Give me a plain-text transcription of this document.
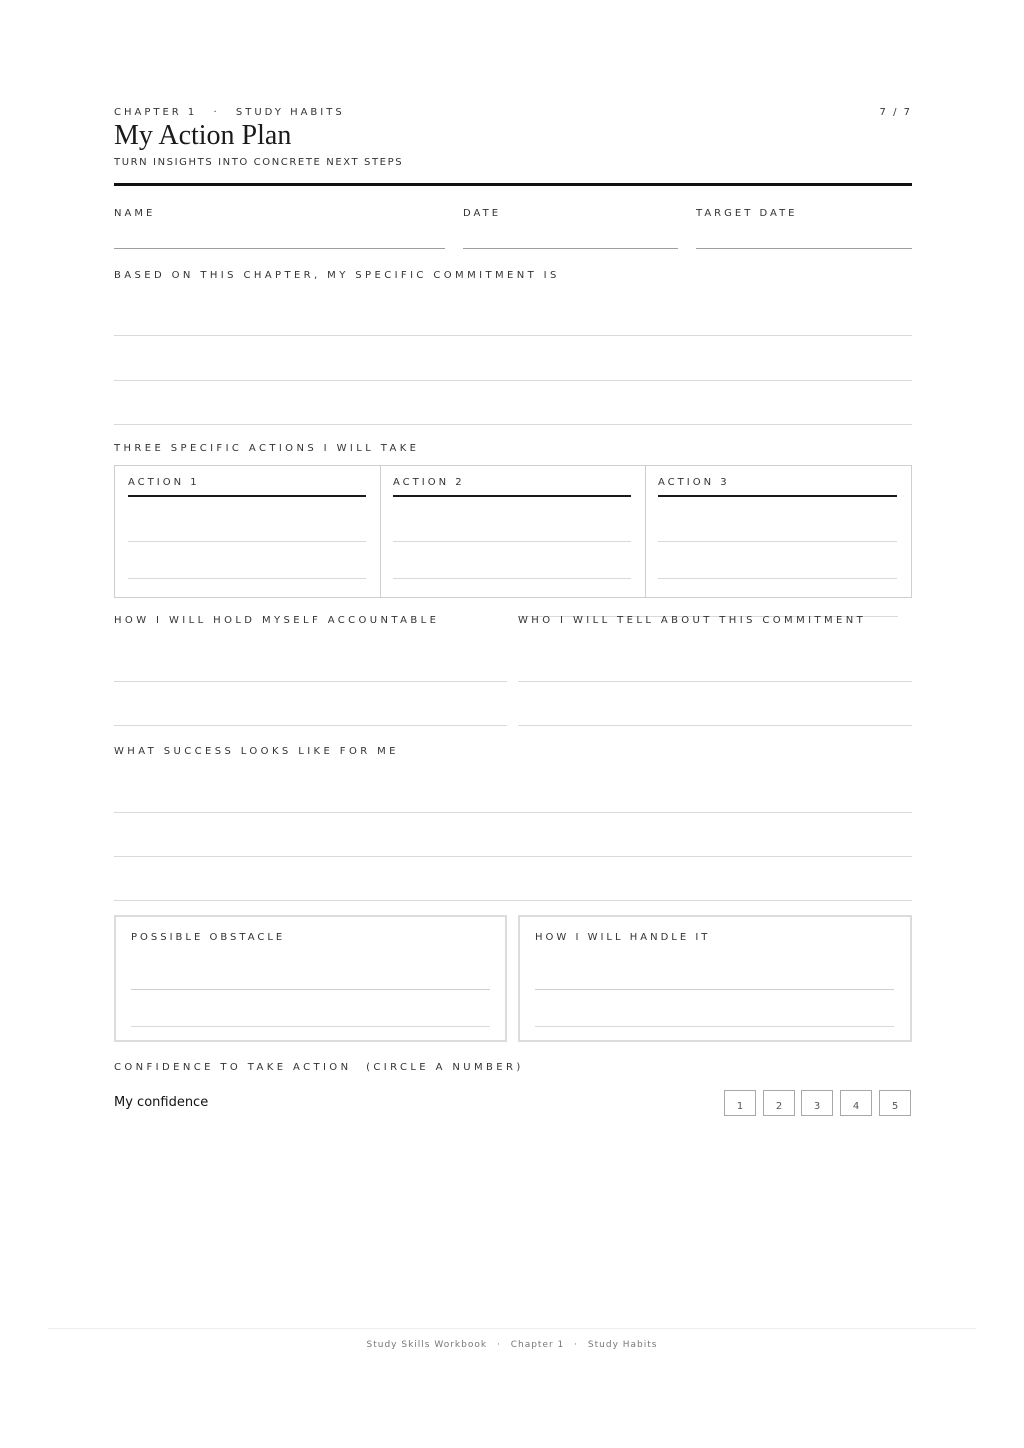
CHAPTER 1 · STUDY HABITS	7 / 7
My Action Plan
TURN INSIGHTS INTO CONCRETE NEXT STEPS
NAME	DATE	TARGET DATE
BASED ON THIS CHAPTER, MY SPECIFIC COMMITMENT IS
THREE SPECIFIC ACTIONS I WILL TAKE
ACTION 1	ACTION 2	ACTION 3
HOW I WILL HOLD MYSELF ACCOUNTABLE	WHO I WILL TELL ABOUT THIS COMMITMENT
WHAT SUCCESS LOOKS LIKE FOR ME
POSSIBLE OBSTACLE	HOW I WILL HANDLE IT
CONFIDENCE TO TAKE ACTION (CIRCLE A NUMBER)
My confidence	1	2	3	4	5
Study Skills Workbook · Chapter 1 · Study Habits
